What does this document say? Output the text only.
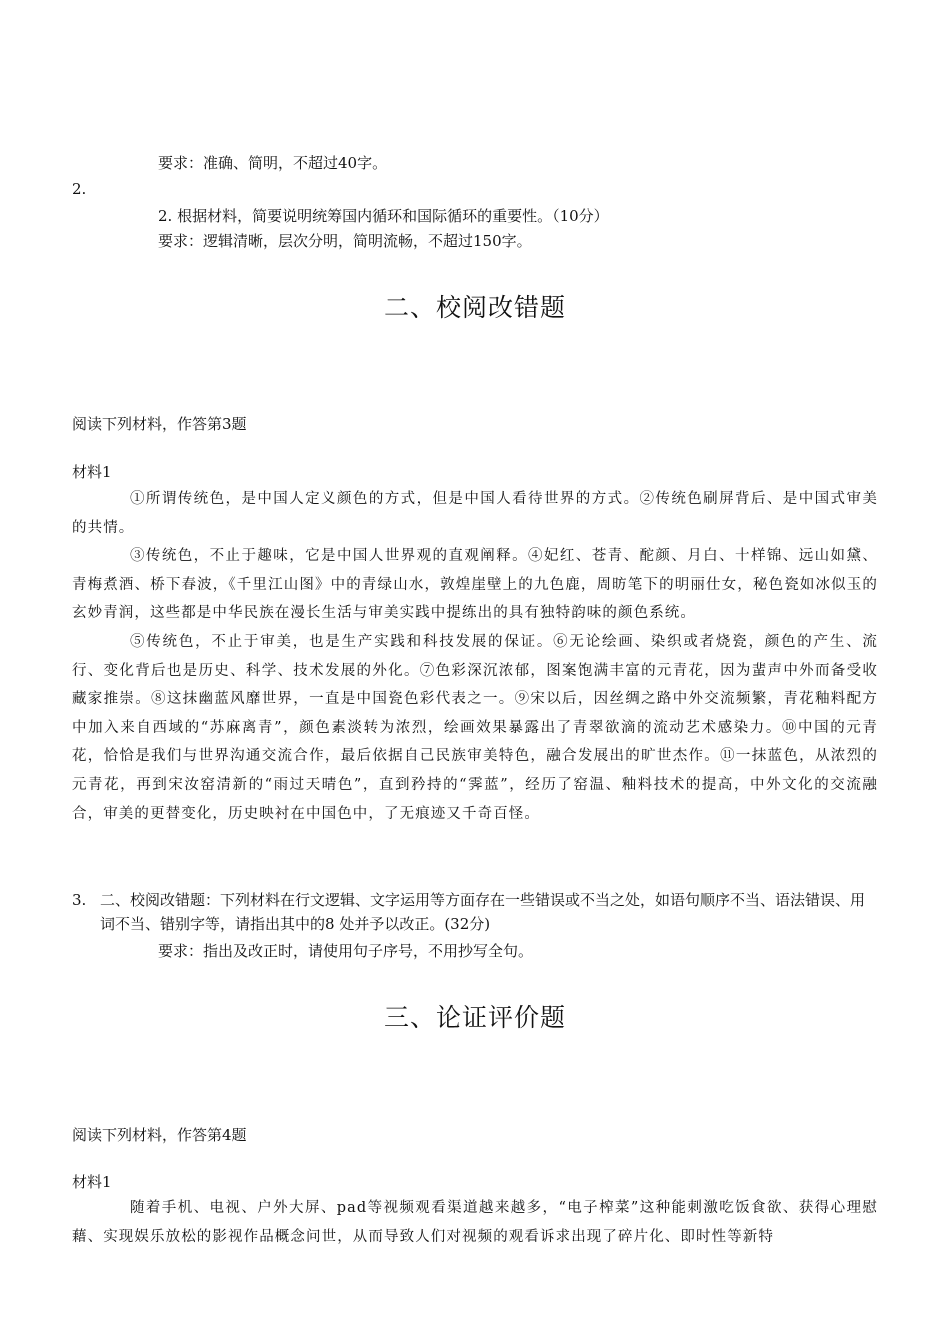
要求：准确、简明，不超过40字。
2.
2. 根据材料，简要说明统筹国内循环和国际循环的重要性。（10分）
要求：逻辑清晰，层次分明，简明流畅，不超过150字。
二、校阅改错题
阅读下列材料，作答第3题
材料1

①所谓传统色，是中国人定义颜色的方式，但是中国人看待世界的方式。②传统色刷屏背后、是中国式审美的共情。

③传统色，不止于趣味，它是中国人世界观的直观阐释。④妃红、苍青、酡颜、月白、十样锦、远山如黛、青梅煮酒、桥下春波，《千里江山图》中的青绿山水，敦煌崖壁上的九色鹿，周昉笔下的明丽仕女，秘色瓷如冰似玉的玄妙青润，这些都是中华民族在漫长生活与审美实践中提练出的具有独特韵味的颜色系统。

⑤传统色，不止于审美，也是生产实践和科技发展的保证。⑥无论绘画、染织或者烧瓷，颜色的产生、流行、变化背后也是历史、科学、技术发展的外化。⑦色彩深沉浓郁，图案饱满丰富的元青花，因为蜚声中外而备受收藏家推崇。⑧这抹幽蓝风靡世界，一直是中国瓷色彩代表之一。⑨宋以后，因丝绸之路中外交流频繁，青花釉料配方中加入来自西域的“苏麻离青”，颜色素淡转为浓烈，绘画效果暴露出了青翠欲滴的流动艺术感染力。⑩中国的元青花，恰恰是我们与世界沟通交流合作，最后依据自己民族审美特色，融合发展出的旷世杰作。⑪一抹蓝色，从浓烈的元青花，再到宋汝窑清新的“雨过天晴色”，直到矜持的“霁蓝”，经历了窑温、釉料技术的提高，中外文化的交流融合，审美的更替变化，历史映衬在中国色中，了无痕迹又千奇百怪。

3. 二、校阅改错题：下列材料在行文逻辑、文字运用等方面存在一些错误或不当之处，如语句顺序不当、语法错误、用词不当、错别字等，请指出其中的8 处并予以改正。(32分)
要求：指出及改正时，请使用句子序号，不用抄写全句。
三、论证评价题
阅读下列材料，作答第4题
材料1

随着手机、电视、户外大屏、pad等视频观看渠道越来越多，“电子榨菜”这种能刺激吃饭食欲、获得心理慰藉、实现娱乐放松的影视作品概念问世，从而导致人们对视频的观看诉求出现了碎片化、即时性等新特
